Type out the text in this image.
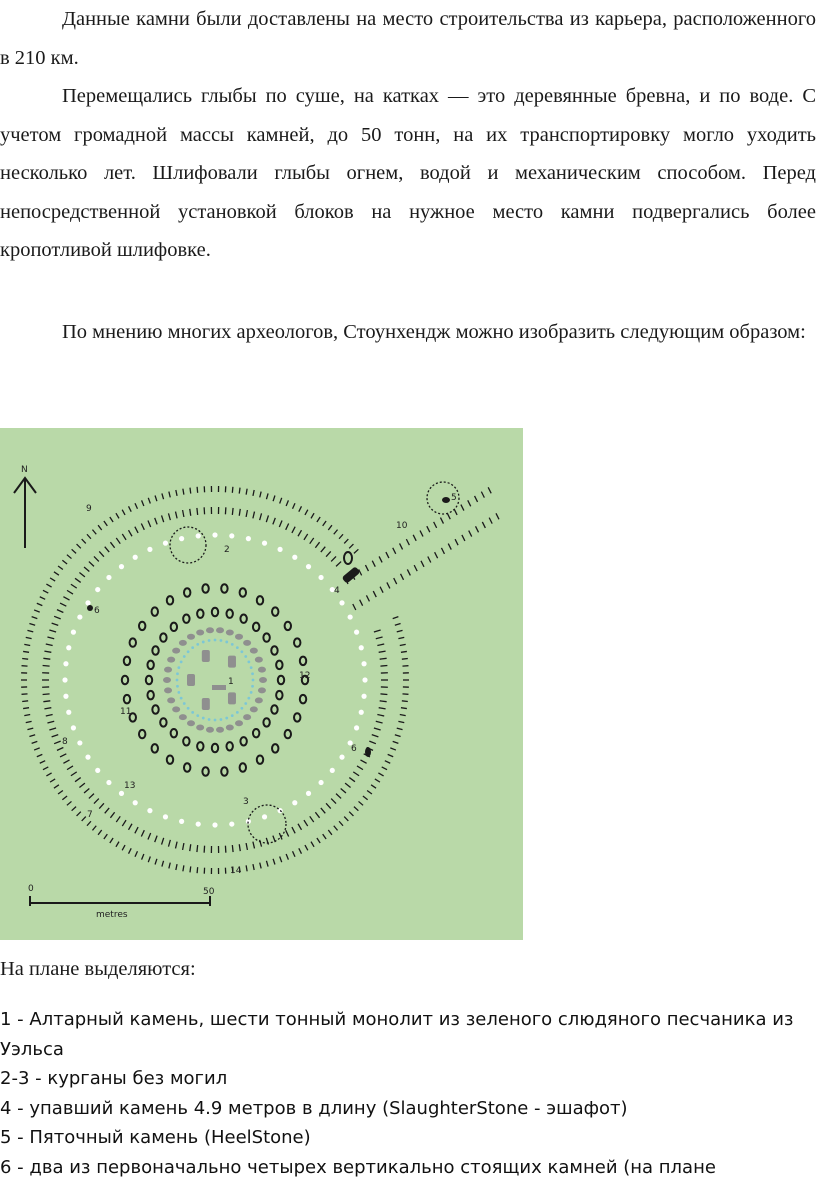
Данные камни были доставлены на место строительства из карьера, расположенного в 210 км.

Перемещались глыбы по суше, на катках — это деревянные бревна, и по воде. С учетом громадной массы камней, до 50 тонн, на их транспортировку могло уходить несколько лет. Шлифовали глыбы огнем, водой и механическим способом. Перед непосредственной установкой блоков на нужное место камни подвергались более кропотливой шлифовке.

По мнению многих археологов, Стоунхендж можно изобразить следующим образом:

N
0	50
metres
1
2
3
4
5
6
6
7
8
9
10
11
12
13
14

На плане выделяются:

1 - Алтарный камень, шести тонный монолит из зеленого слюдяного песчаника из Уэльса
2-3 - курганы без могил
4 - упавший камень 4.9 метров в длину (SlaughterStone - эшафот)
5 - Пяточный камень (HeelStone)
6 - два из первоначально четырех вертикально стоящих камней (на плане
